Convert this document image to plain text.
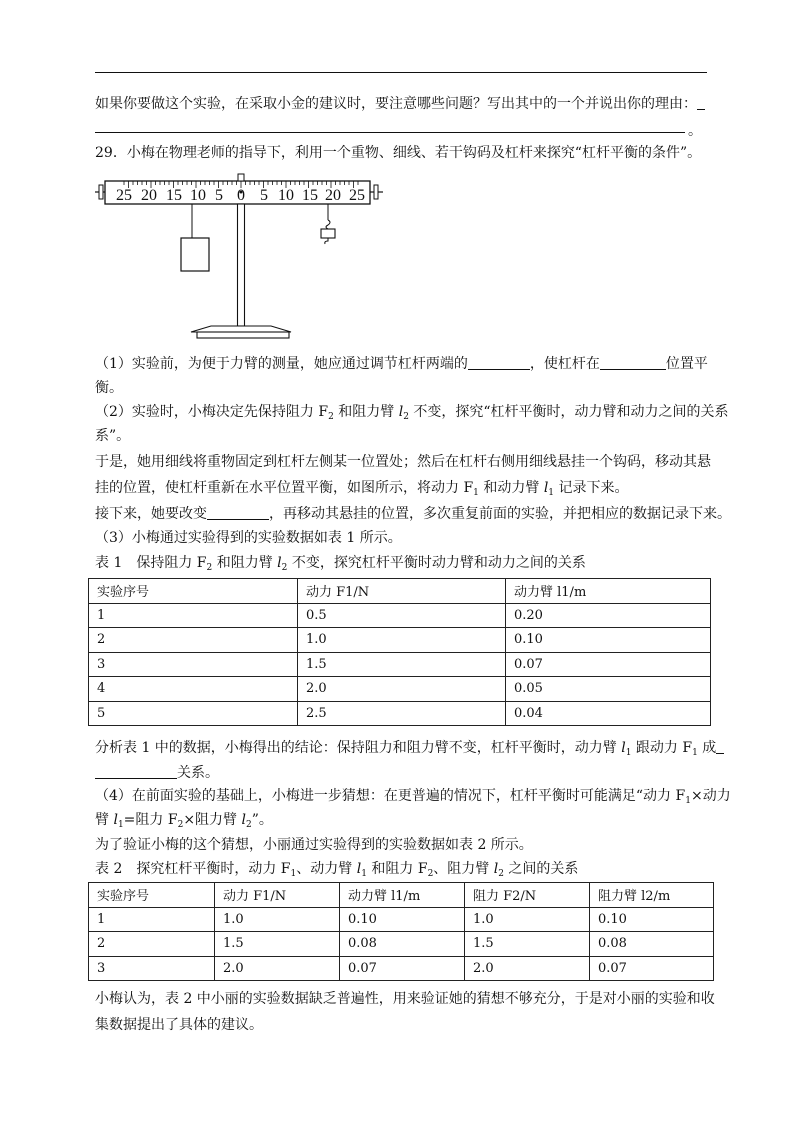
如果你要做这个实验，在采取小金的建议时，要注意哪些问题？写出其中的一个并说出你的理由：
。
29．小梅在物理老师的指导下，利用一个重物、细线、若干钩码及杠杆来探究“杠杆平衡的条件”。
25 20 15 10 5 0 5 10 15 20 25
（1）实验前，为便于力臂的测量，她应通过调节杠杆两端的	，使杠杆在	位置平
衡。
（2）实验时，小梅决定先保持阻力 $F_2$ 和阻力臂 $l_2$ 不变，探究“杠杆平衡时，动力臂和动力之间的关系
系”。
于是，她用细线将重物固定到杠杆左侧某一位置处；然后在杠杆右侧用细线悬挂一个钩码，移动其悬
挂的位置，使杠杆重新在水平位置平衡，如图所示，将动力 $F_1$ 和动力臂 $l_1$ 记录下来。
接下来，她要改变	，再移动其悬挂的位置，多次重复前面的实验，并把相应的数据记录下来。
（3）小梅通过实验得到的实验数据如表 1 所示。
表 1　保持阻力 $F_2$ 和阻力臂 $l_2$ 不变，探究杠杆平衡时动力臂和动力之间的关系
实验序号	动力 F1/N	动力臂 l1/m
1	0.5	0.20
2	1.0	0.10
3	1.5	0.07
4	2.0	0.05
5	2.5	0.04
分析表 1 中的数据，小梅得出的结论：保持阻力和阻力臂不变，杠杆平衡时，动力臂 $l_1$ 跟动力 $F_1$ 成
关系。
（4）在前面实验的基础上，小梅进一步猜想：在更普遍的情况下，杠杆平衡时可能满足“动力 $F_1\times$动力
臂 $l_1=$阻力 $F_2\times$阻力臂 $l_2$”。
为了验证小梅的这个猜想，小丽通过实验得到的实验数据如表 2 所示。
表 2　探究杠杆平衡时，动力 $F_1$、动力臂 $l_1$ 和阻力 $F_2$、阻力臂 $l_2$ 之间的关系
实验序号	动力 F1/N	动力臂 l1/m	阻力 F2/N	阻力臂 l2/m
1	1.0	0.10	1.0	0.10
2	1.5	0.08	1.5	0.08
3	2.0	0.07	2.0	0.07
小梅认为，表 2 中小丽的实验数据缺乏普遍性，用来验证她的猜想不够充分，于是对小丽的实验和收
集数据提出了具体的建议。
